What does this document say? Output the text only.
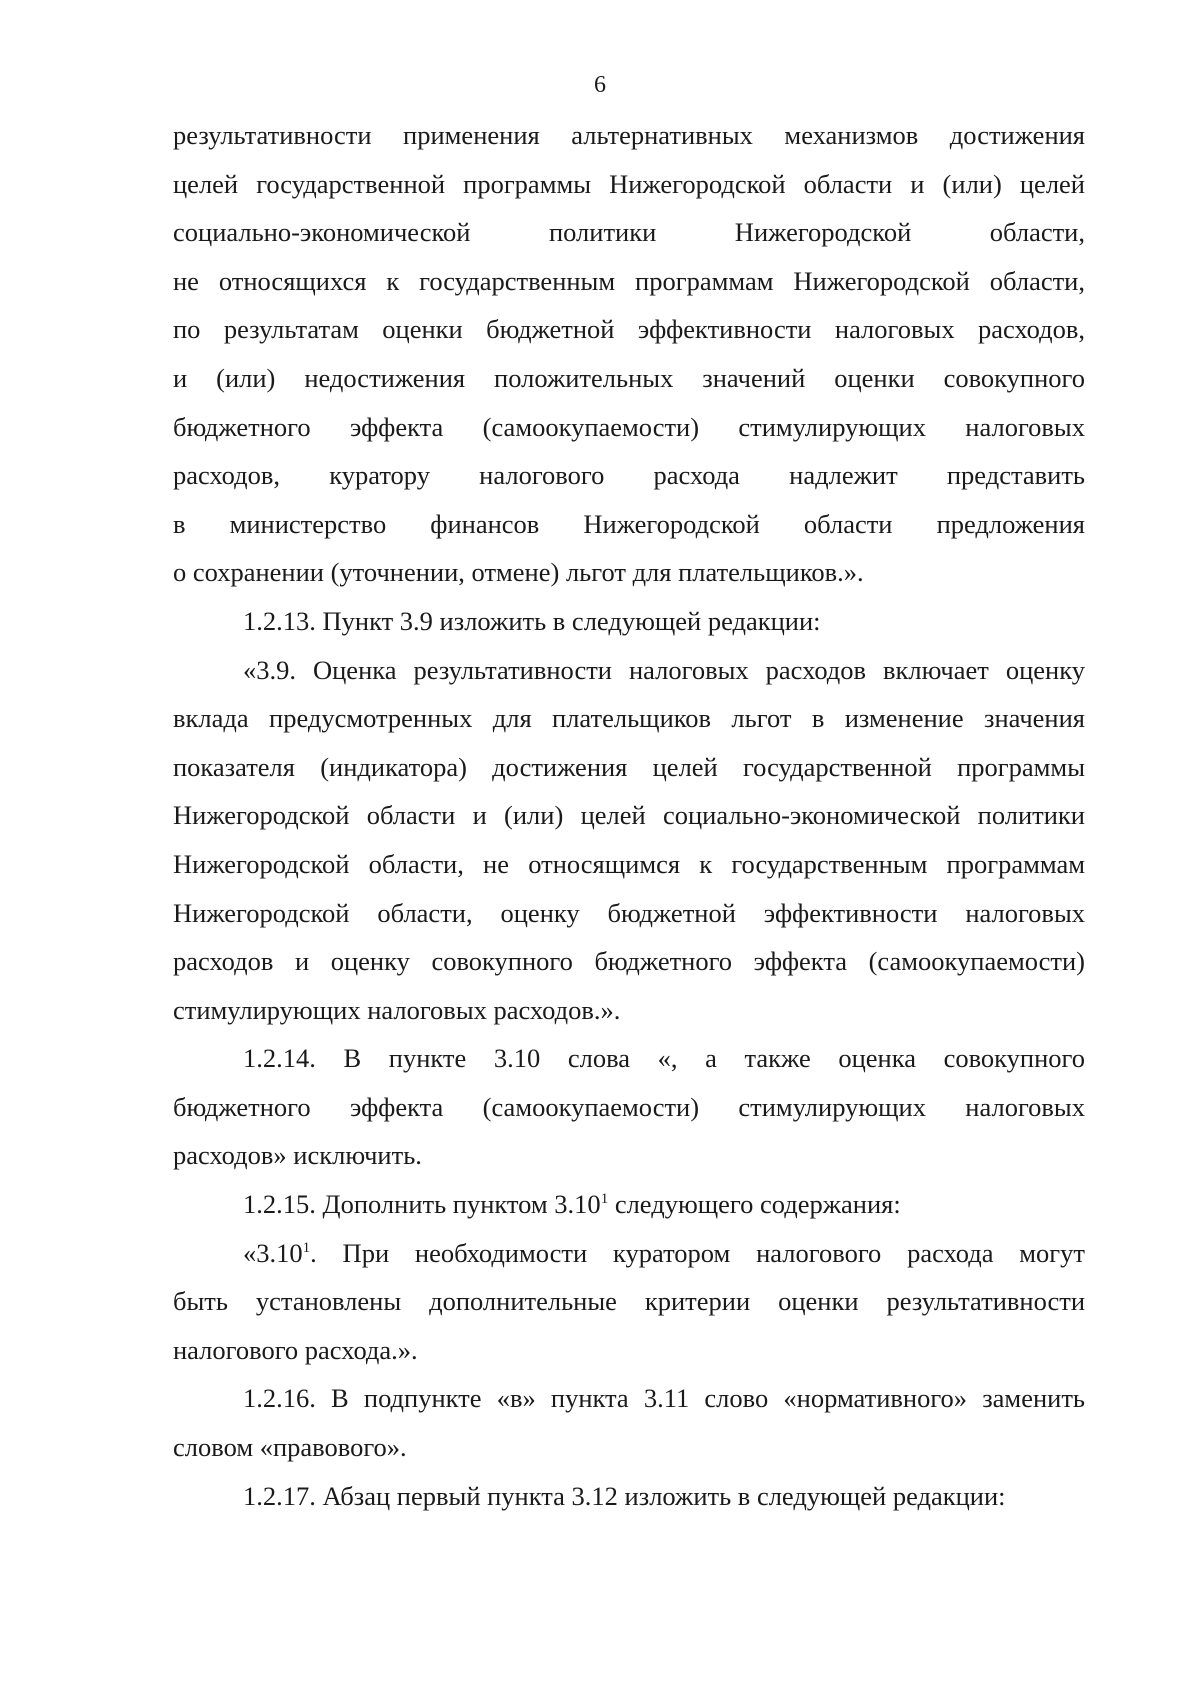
6

результативности применения альтернативных механизмов достижения
целей государственной программы Нижегородской области и (или) целей
социально-экономической политики Нижегородской области,
не относящихся к государственным программам Нижегородской области,
по результатам оценки бюджетной эффективности налоговых расходов,
и (или) недостижения положительных значений оценки совокупного
бюджетного эффекта (самоокупаемости) стимулирующих налоговых
расходов, куратору налогового расхода надлежит представить
в министерство финансов Нижегородской области предложения
о сохранении (уточнении, отмене) льгот для плательщиков.».

1.2.13. Пункт 3.9 изложить в следующей редакции:

«3.9. Оценка результативности налоговых расходов включает оценку
вклада предусмотренных для плательщиков льгот в изменение значения
показателя (индикатора) достижения целей государственной программы
Нижегородской области и (или) целей социально-экономической политики
Нижегородской области, не относящимся к государственным программам
Нижегородской области, оценку бюджетной эффективности налоговых
расходов и оценку совокупного бюджетного эффекта (самоокупаемости)
стимулирующих налоговых расходов.».

1.2.14. В пункте 3.10 слова «, а также оценка совокупного
бюджетного эффекта (самоокупаемости) стимулирующих налоговых
расходов» исключить.

1.2.15. Дополнить пунктом 3.10$^1$ следующего содержания:

«3.10$^1$. При необходимости куратором налогового расхода могут
быть установлены дополнительные критерии оценки результативности
налогового расхода.».

1.2.16. В подпункте «в» пункта 3.11 слово «нормативного» заменить
словом «правового».

1.2.17. Абзац первый пункта 3.12 изложить в следующей редакции:
